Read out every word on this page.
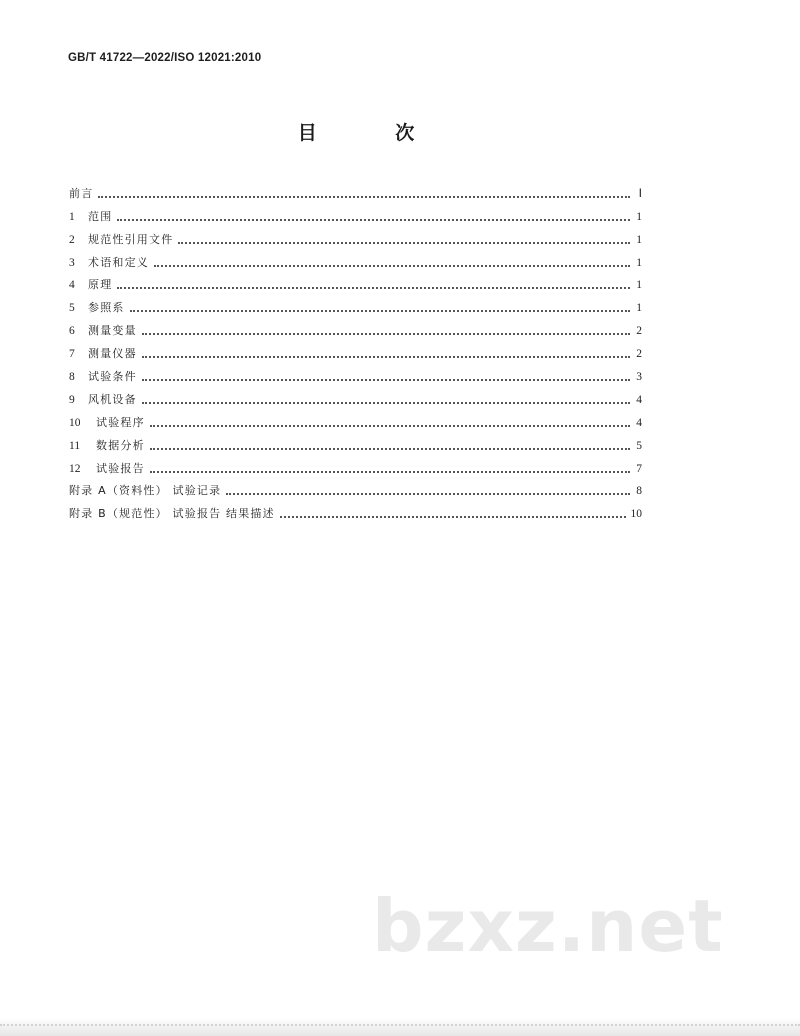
GB/T 41722—2022/ISO 12021:2010
目 次
前言	Ⅰ
1	范围	1
2	规范性引用文件	1
3	术语和定义	1
4	原理	1
5	参照系	1
6	测量变量	2
7	测量仪器	2
8	试验条件	3
9	风机设备	4
10	试验程序	4
11	数据分析	5
12	试验报告	7
附录 A（资料性） 试验记录	8
附录 B（规范性） 试验报告 结果描述	10
bzxz.net
